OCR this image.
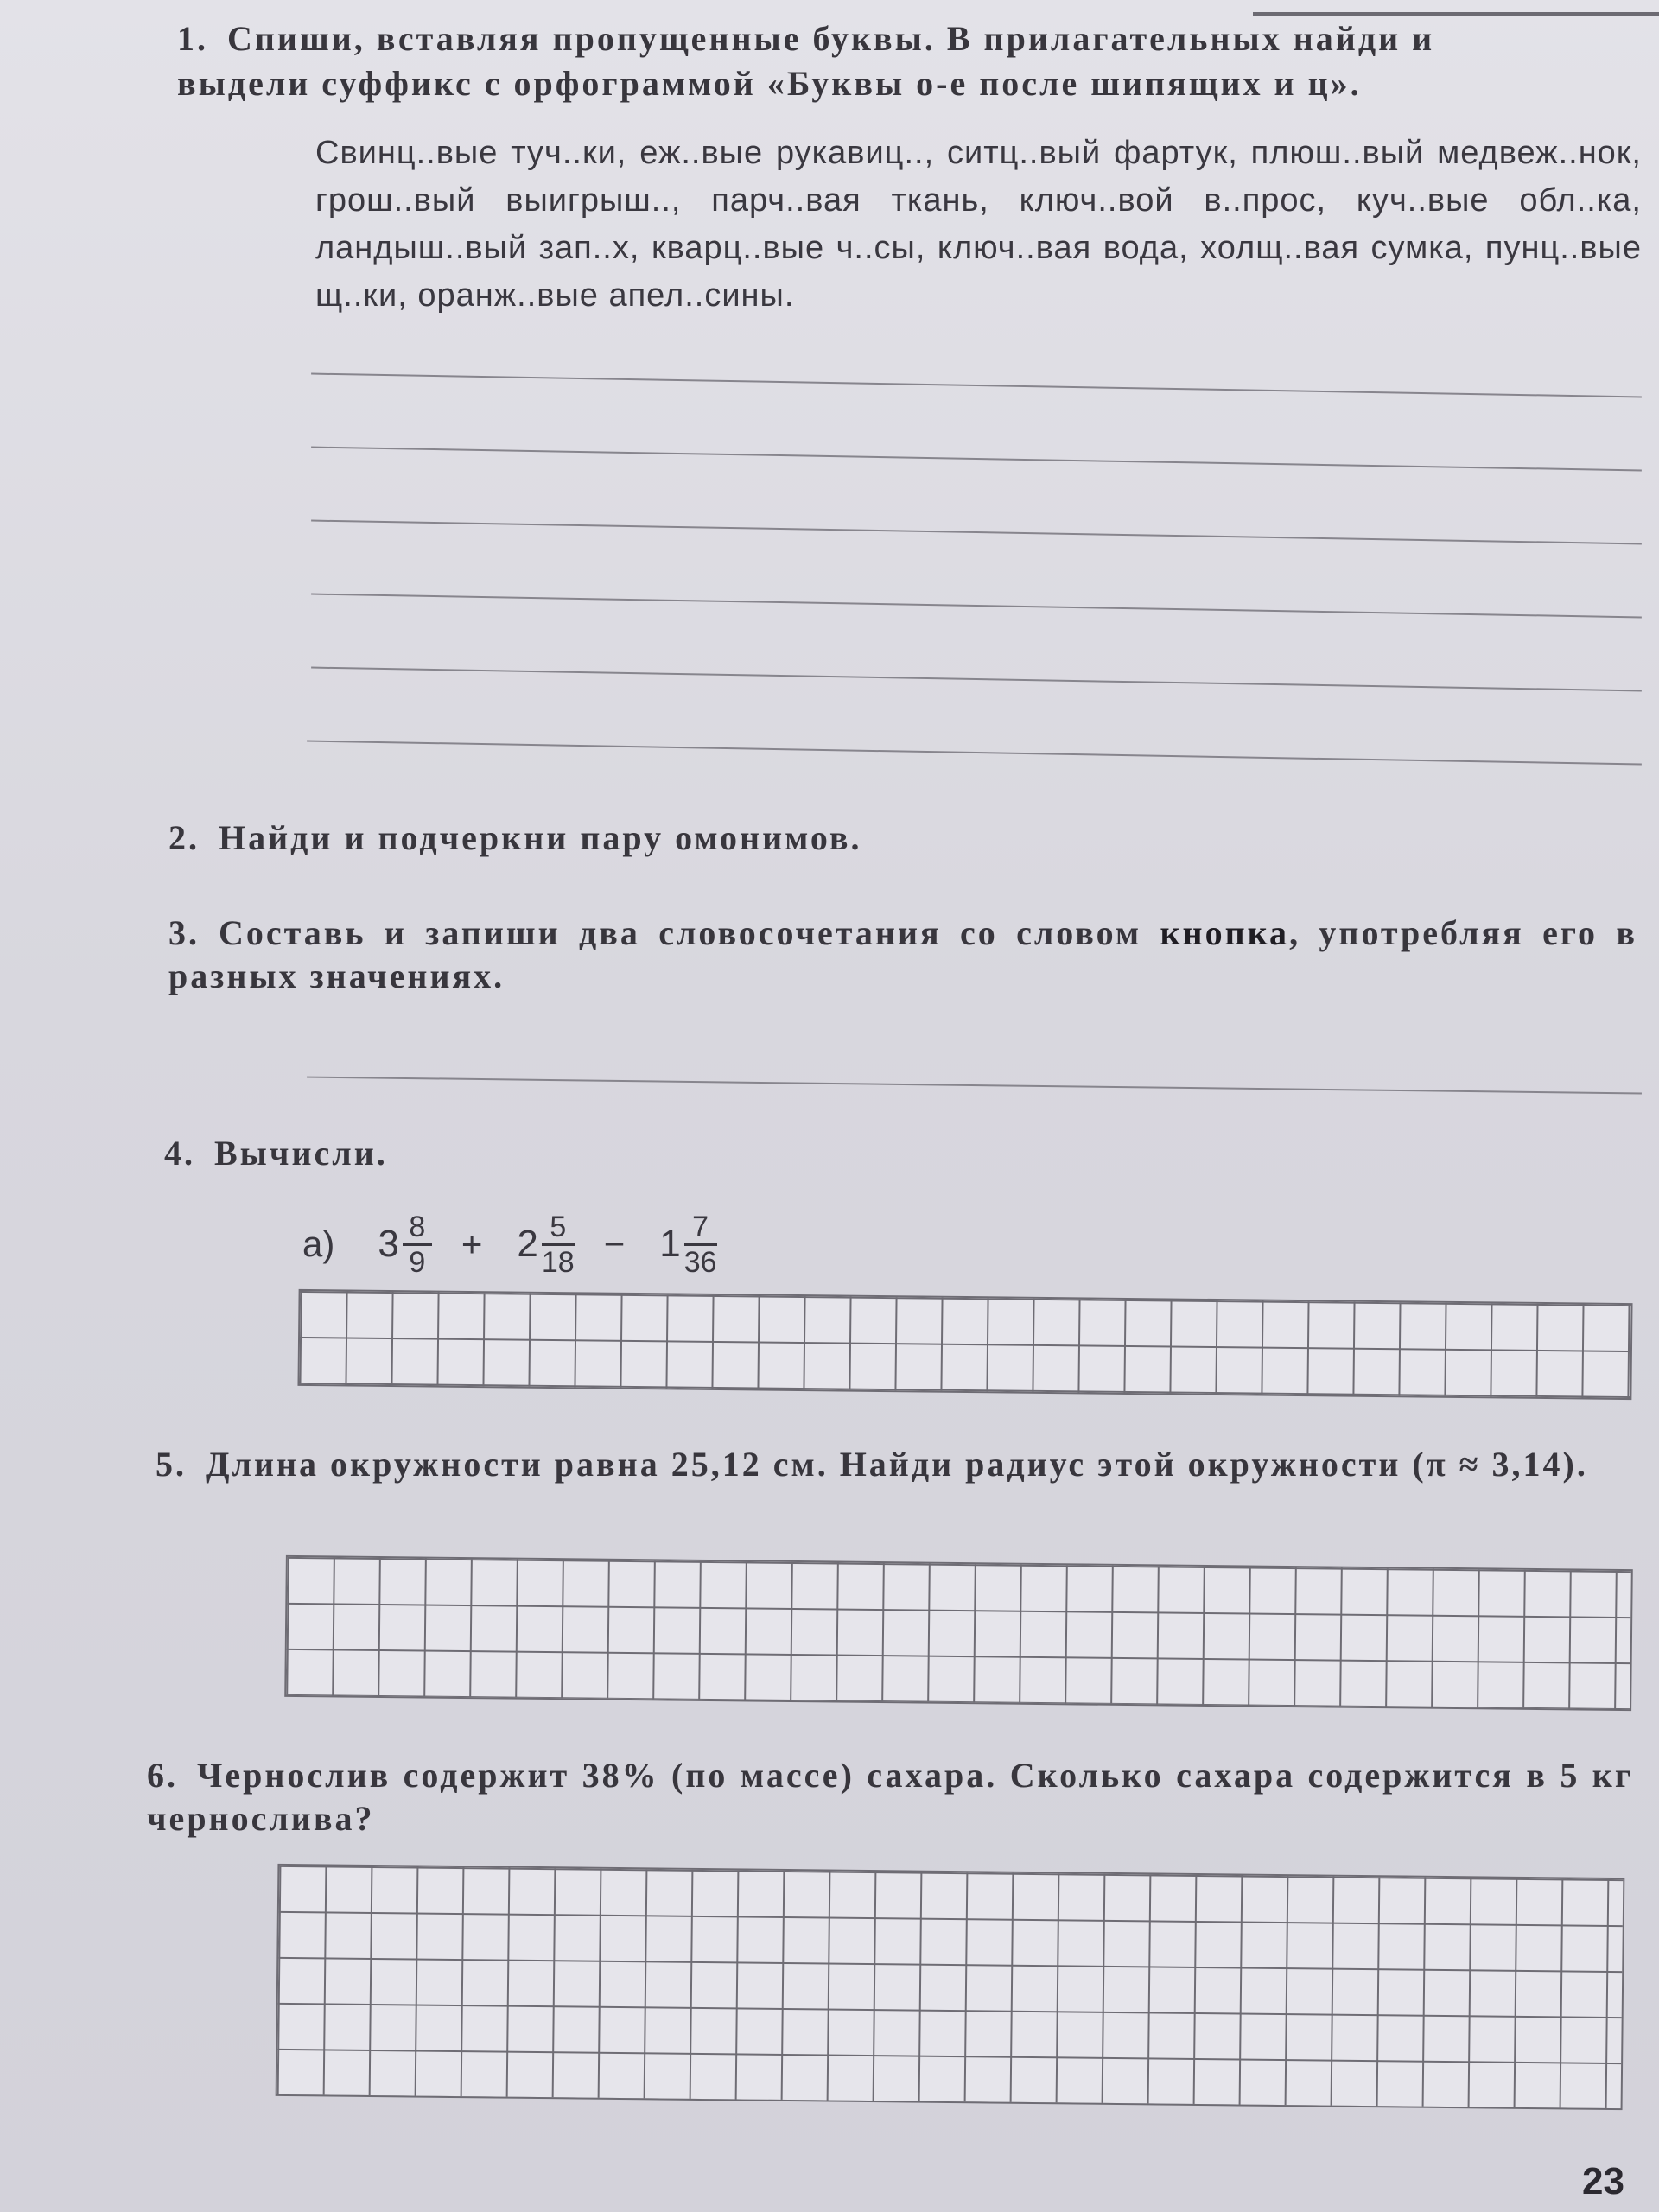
1. Спиши, вставляя пропущенные буквы. В прилагательных найди и
выдели суффикс с орфограммой «Буквы о-е после шипящих и ц».
Свинц..вые туч..ки, еж..вые рукавиц.., ситц..вый фартук, плюш..вый медвеж..нок, грош..вый выигрыш.., парч..вая ткань, ключ..вой в..прос, куч..вые обл..ка, ландыш..вый зап..х, кварц..вые ч..сы, ключ..вая вода, холщ..вая сумка, пунц..вые щ..ки, оранж..вые апел..сины.
2. Найди и подчеркни пару омонимов.
3. Составь и запиши два словосочетания со словом кнопка, употребляя его в разных значениях.
4. Вычисли.
а) $3 \frac{8}{9} + 2 \frac{5}{18} - 1 \frac{7}{36}$
5. Длина окружности равна 25,12 см. Найди радиус этой окружности (π ≈ 3,14).
6. Чернослив содержит 38% (по массе) сахара. Сколько сахара содержится в 5 кг чернослива?
23
